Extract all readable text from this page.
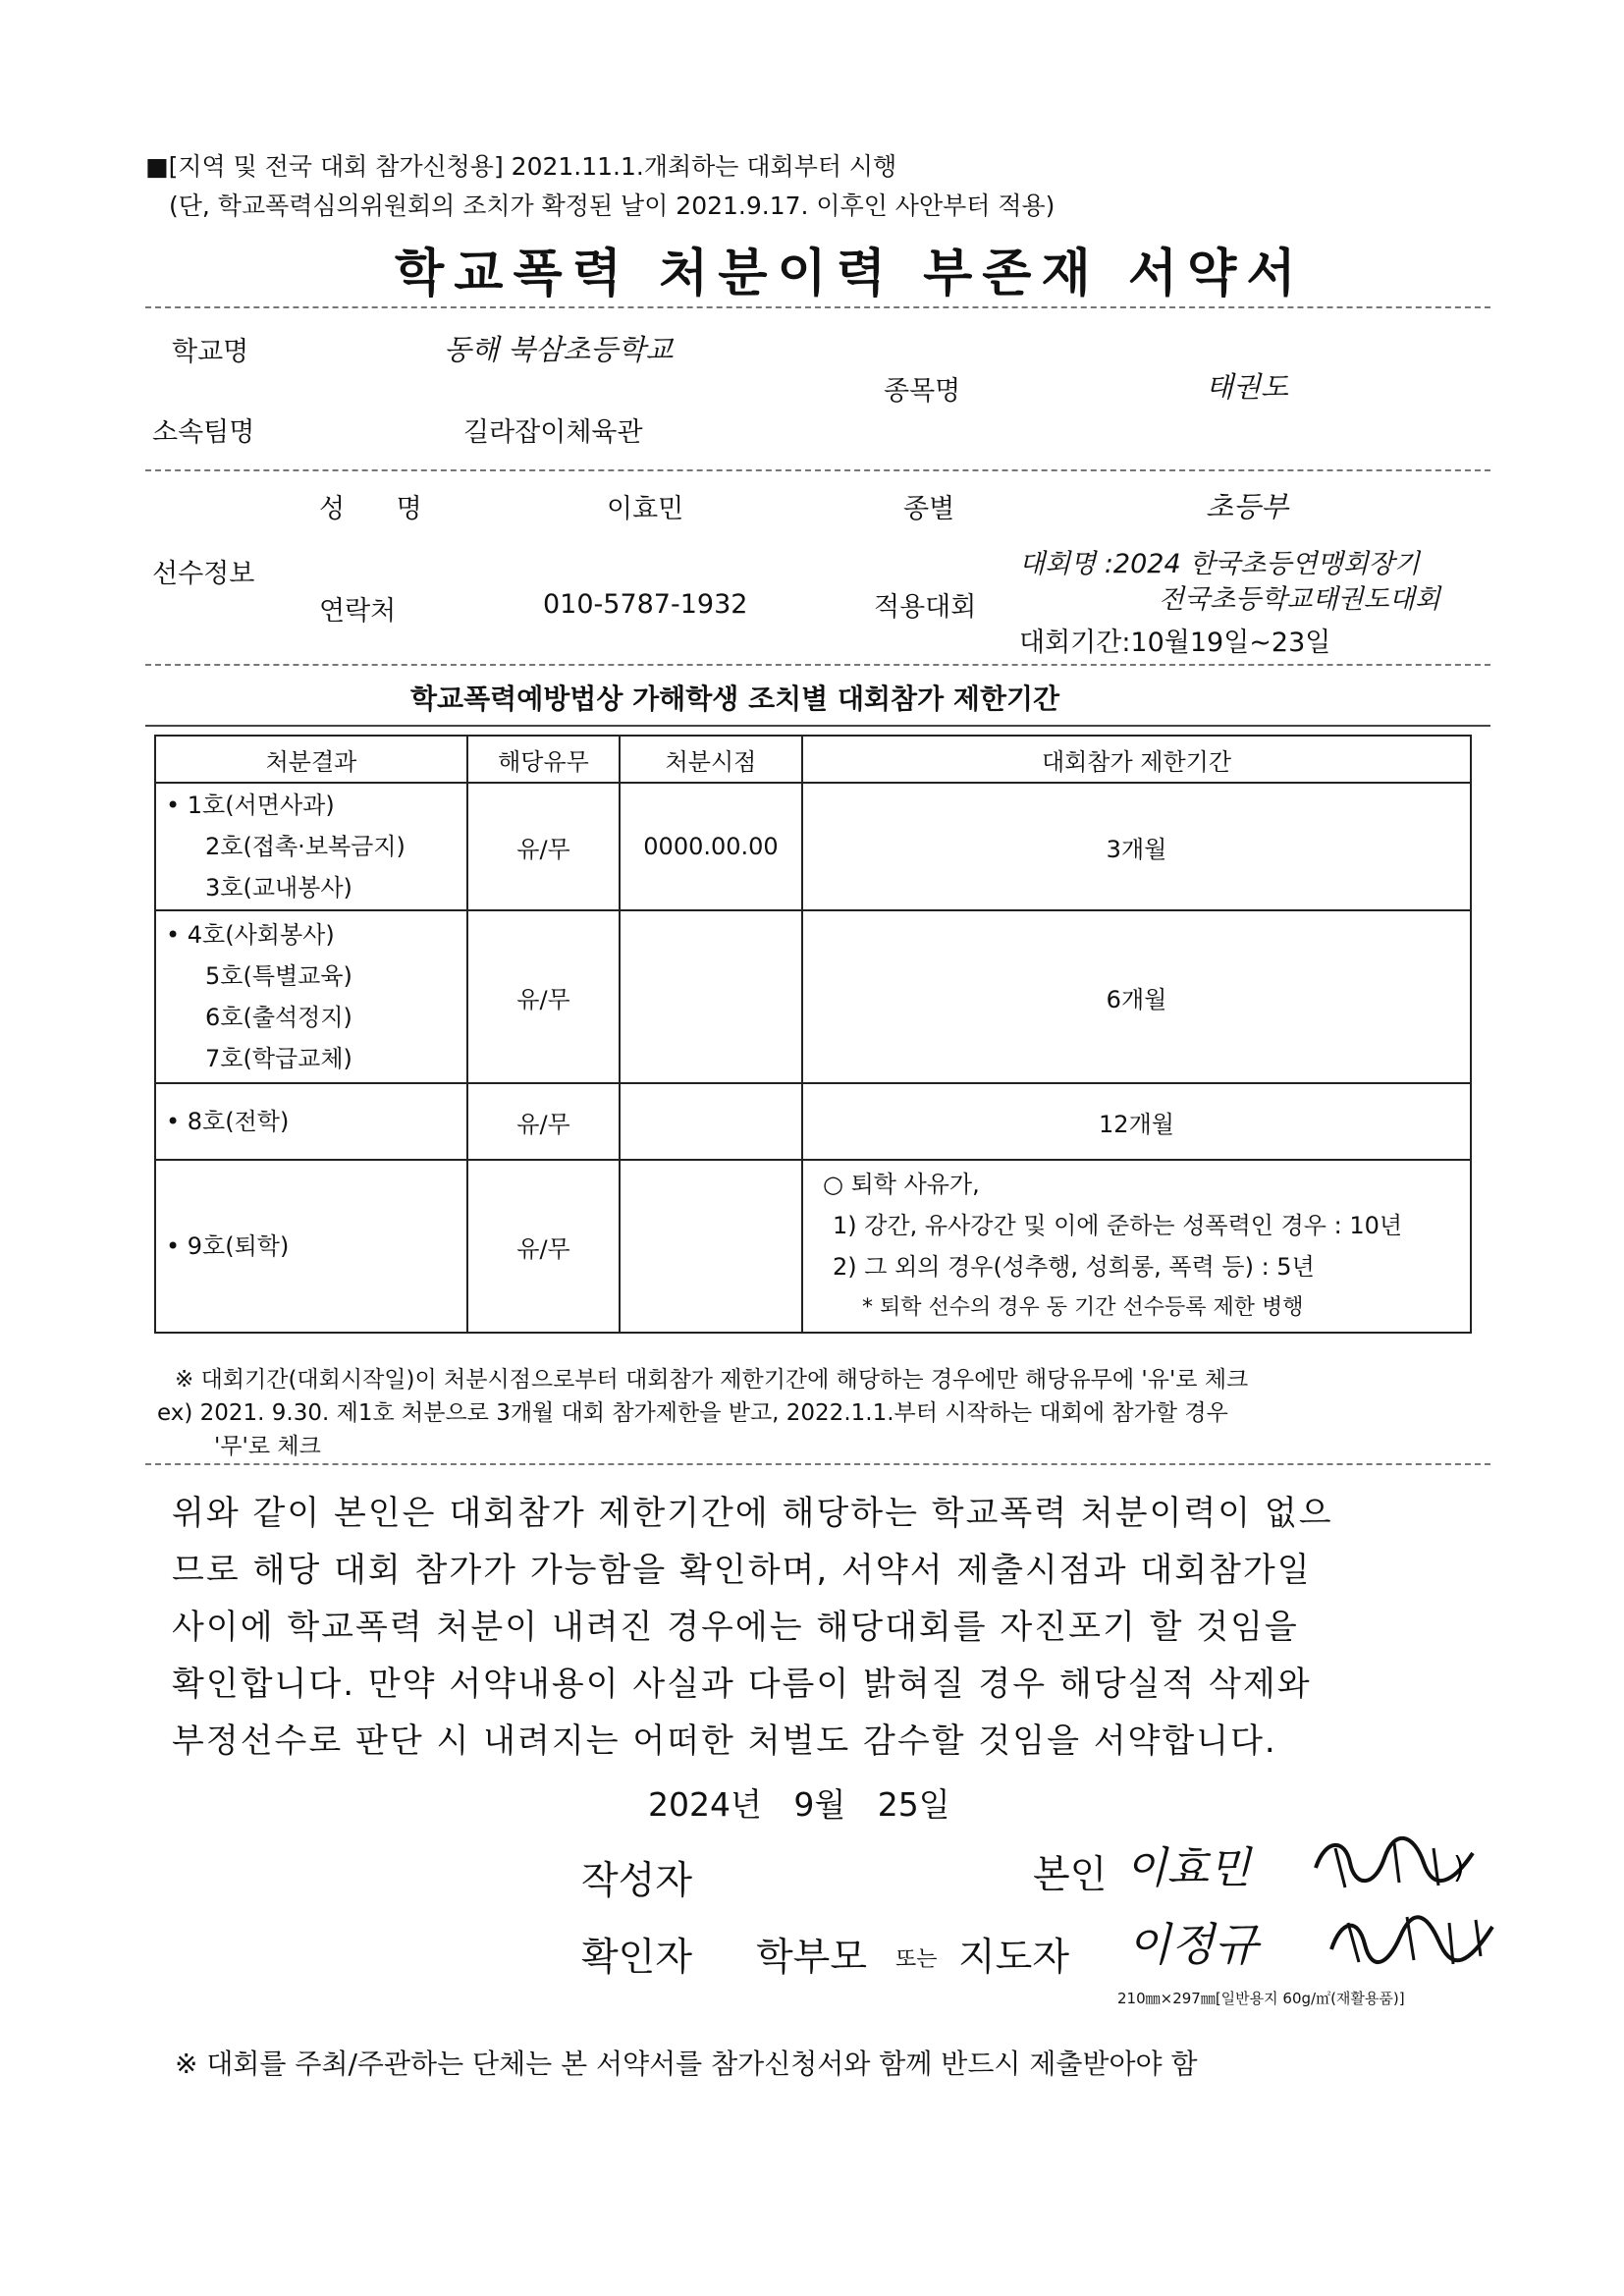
■[지역 및 전국 대회 참가신청용] 2021.11.1.개최하는 대회부터 시행
(단, 학교폭력심의위원회의 조치가 확정된 날이 2021.9.17. 이후인 사안부터 적용)
학교폭력 처분이력 부존재 서약서
학교명	동해 북삼초등학교
종목명	태권도
소속팀명	길라잡이체육관
성 명	이효민	종별	초등부
선수정보	대회명 :2024 한국초등연맹회장기
연락처	010-5787-1932	적용대회	전국초등학교태권도대회
대회기간:10월19일~23일
학교폭력예방법상 가해학생 조치별 대회참가 제한기간
처분결과	해당유무	처분시점	대회참가 제한기간

• 1호(서면사과)
2호(접촉·보복금지)
3호(교내봉사)	유/무	0000.00.00	3개월

• 4호(사회봉사)
5호(특별교육)
6호(출석정지)
7호(학급교체)	유/무		6개월

• 8호(전학)	유/무		12개월

• 9호(퇴학)	유/무		○ 퇴학 사유가,
1) 강간, 유사강간 및 이에 준하는 성폭력인 경우 : 10년
2) 그 외의 경우(성추행, 성희롱, 폭력 등) : 5년
* 퇴학 선수의 경우 동 기간 선수등록 제한 병행
※ 대회기간(대회시작일)이 처분시점으로부터 대회참가 제한기간에 해당하는 경우에만 해당유무에 '유'로 체크
ex) 2021. 9.30. 제1호 처분으로 3개월 대회 참가제한을 받고, 2022.1.1.부터 시작하는 대회에 참가할 경우
'무'로 체크
위와 같이 본인은 대회참가 제한기간에 해당하는 학교폭력 처분이력이 없으
므로 해당 대회 참가가 가능함을 확인하며, 서약서 제출시점과 대회참가일
사이에 학교폭력 처분이 내려진 경우에는 해당대회를 자진포기 할 것임을
확인합니다. 만약 서약내용이 사실과 다름이 밝혀질 경우 해당실적 삭제와
부정선수로 판단 시 내려지는 어떠한 처벌도 감수할 것임을 서약합니다.
2024년 9월 25일
작성자	본인 이효민	)
확인자 학부모 또는 지도자 이정규
210㎜×297㎜[일반용지 60g/㎡(재활용품)]
※ 대회를 주최/주관하는 단체는 본 서약서를 참가신청서와 함께 반드시 제출받아야 함
